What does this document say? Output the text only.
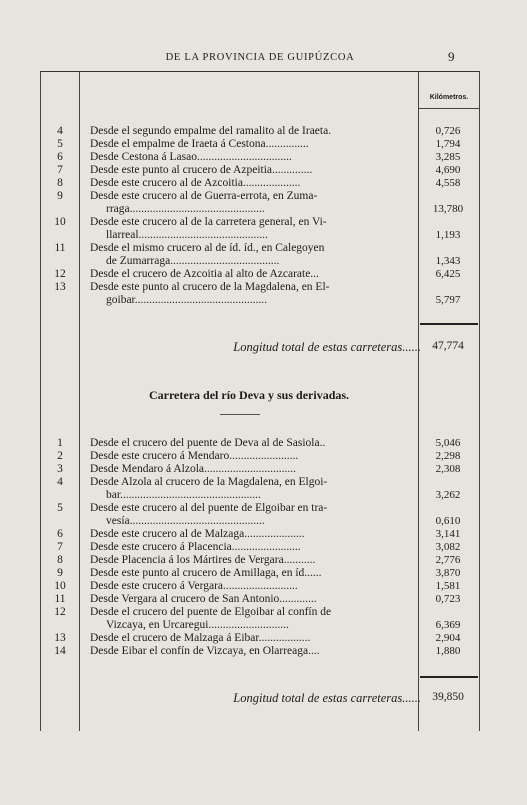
DE LA PROVINCIA DE GUIPÚZCOA	9
Kilómetros.
4	Desde el segundo empalme del ramalito al de Iraeta.	0,726
5	Desde el empalme de Iraeta á Cestona...............	1,794
6	Desde Cestona á Lasao.................................	3,285
7	Desde este punto al crucero de Azpeitia..............	4,690
8	Desde este crucero al de Azcoitia....................	4,558
9	Desde este crucero al de Guerra-errota, en Zuma-
rraga...............................................	13,780
10	Desde este crucero al de la carretera general, en Vi-
llarreal.............................................	1,193
11	Desde el mismo crucero al de íd. íd., en Calegoyen
de Zumarraga......................................	1,343
12	Desde el crucero de Azcoitia al alto de Azcarate...	6,425
13	Desde este punto al crucero de la Magdalena, en El-
goibar..............................................	5,797
Longitud total de estas carreteras...... 47,774
Carretera del río Deva y sus derivadas.
1	Desde el crucero del puente de Deva al de Sasiola..	5,046
2	Desde este crucero á Mendaro........................	2,298
3	Desde Mendaro á Alzola................................	2,308
4	Desde Alzola al crucero de la Magdalena, en Elgoi-
bar.................................................	3,262
5	Desde este crucero al del puente de Elgoibar en tra-
vesía...............................................	0,610
6	Desde este crucero al de Malzaga.....................	3,141
7	Desde este crucero á Placencia........................	3,082
8	Desde Placencia á los Mártires de Vergara...........	2,776
9	Desde este punto al crucero de Amillaga, en íd......	3,870
10	Desde este crucero á Vergara..........................	1,581
11	Desde Vergara al crucero de San Antonio.............	0,723
12	Desde el crucero del puente de Elgoibar al confín de
Vizcaya, en Urcaregui............................	6,369
13	Desde el crucero de Malzaga á Eibar..................	2,904
14	Desde Eibar el confín de Vizcaya, en Olarreaga....	1,880
Longitud total de estas carreteras...... 39,850
